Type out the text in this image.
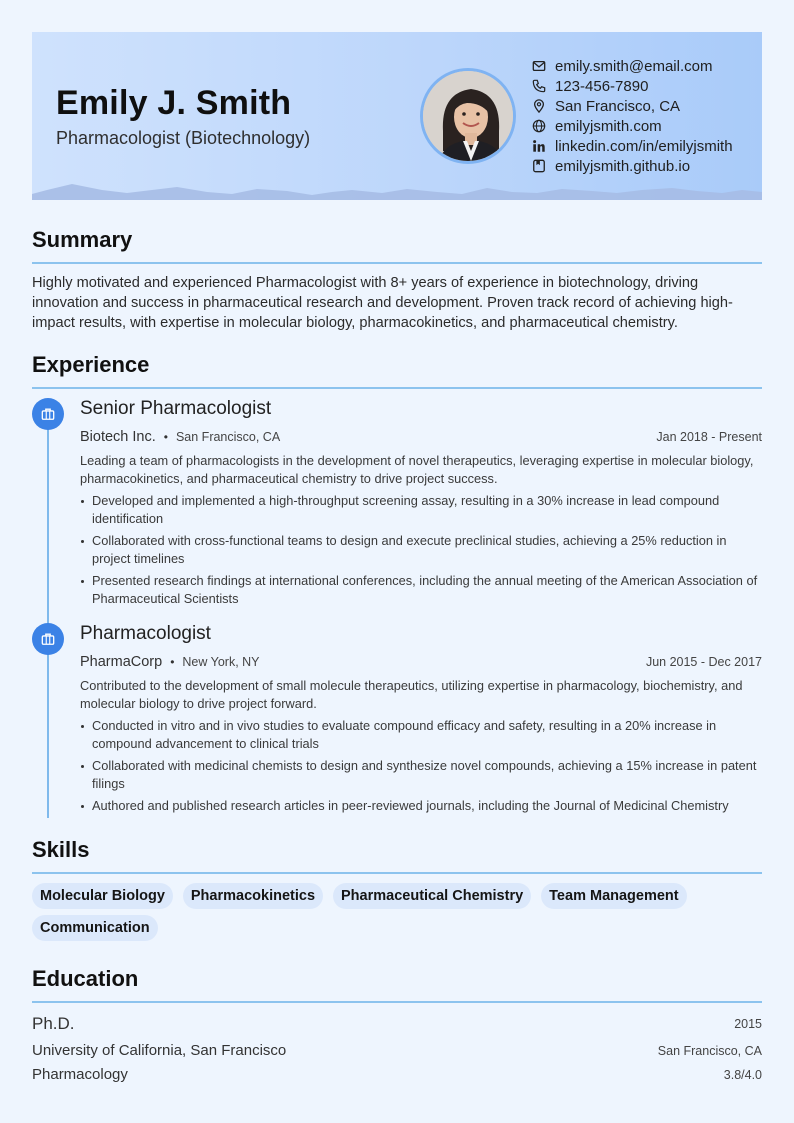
Emily J. Smith
Pharmacologist (Biotechnology)
emily.smith@email.com
123-456-7890
San Francisco, CA
emilyjsmith.com
linkedin.com/in/emilyjsmith
emilyjsmith.github.io
Summary
Highly motivated and experienced Pharmacologist with 8+ years of experience in biotechnology, driving innovation and success in pharmaceutical research and development. Proven track record of achieving high-impact results, with expertise in molecular biology, pharmacokinetics, and pharmaceutical chemistry.
Experience
Senior Pharmacologist
Biotech Inc. • San Francisco, CA	Jan 2018 - Present
Leading a team of pharmacologists in the development of novel therapeutics, leveraging expertise in molecular biology, pharmacokinetics, and pharmaceutical chemistry to drive project success.
Developed and implemented a high-throughput screening assay, resulting in a 30% increase in lead compound identification
Collaborated with cross-functional teams to design and execute preclinical studies, achieving a 25% reduction in project timelines
Presented research findings at international conferences, including the annual meeting of the American Association of Pharmaceutical Scientists
Pharmacologist
PharmaCorp • New York, NY	Jun 2015 - Dec 2017
Contributed to the development of small molecule therapeutics, utilizing expertise in pharmacology, biochemistry, and molecular biology to drive project forward.
Conducted in vitro and in vivo studies to evaluate compound efficacy and safety, resulting in a 20% increase in compound advancement to clinical trials
Collaborated with medicinal chemists to design and synthesize novel compounds, achieving a 15% increase in patent filings
Authored and published research articles in peer-reviewed journals, including the Journal of Medicinal Chemistry
Skills
Molecular Biology	Pharmacokinetics	Pharmaceutical Chemistry	Team Management
Communication
Education
Ph.D.	2015
University of California, San Francisco	San Francisco, CA
Pharmacology	3.8/4.0
